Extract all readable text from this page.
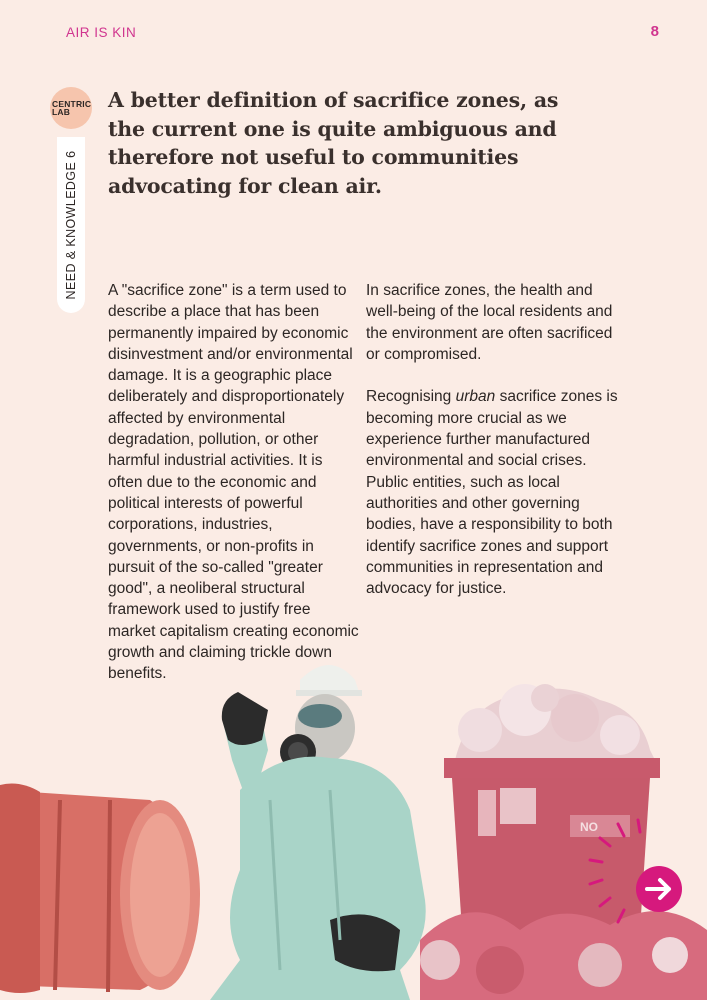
AIR IS KIN	8
CENTRIC
LAB
NEED & KNOWLEDGE 6
A better definition of sacrifice zones, as the current one is quite ambiguous and therefore not useful to communities advocating for clean air.

A "sacrifice zone" is a term used to describe a place that has been permanently impaired by economic disinvestment and/or environmental damage. It is a geographic place deliberately and disproportionately affected by environmental degradation, pollution, or other harmful industrial activities. It is often due to the economic and political interests of powerful corporations, industries, governments, or non-profits in pursuit of the so-called "greater good", a neoliberal structural framework used to justify free market capitalism creating economic growth and claiming trickle down benefits.

In sacrifice zones, the health and well-being of the local residents and the environment are often sacrificed or compromised.

Recognising urban sacrifice zones is becoming more crucial as we experience further manufactured environmental and social crises. Public entities, such as local authorities and other governing bodies, have a responsibility to both identify sacrifice zones and support communities in representation and advocacy for justice.

NO
